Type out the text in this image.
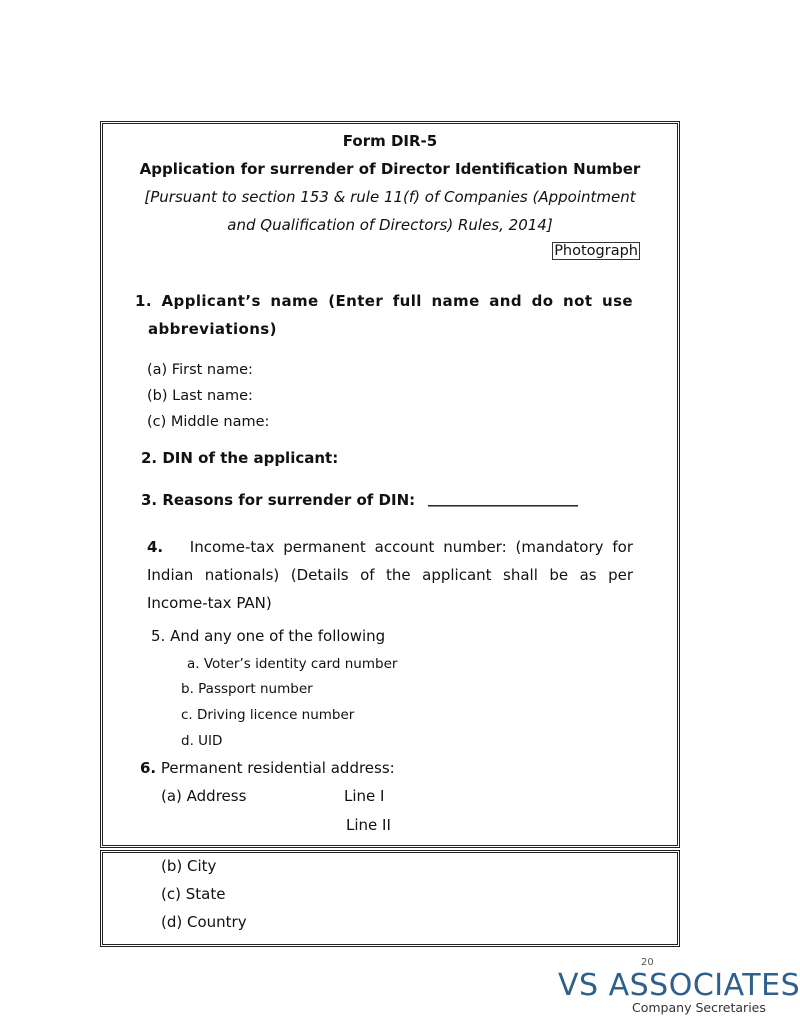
Form DIR-5
Application for surrender of Director Identification Number
[Pursuant to section 153 & rule 11(f) of Companies (Appointment
and Qualification of Directors) Rules, 2014]
Photograph
1. Applicant’s name (Enter full name and do not use
abbreviations)
(a) First name:
(b) Last name:
(c) Middle name:
2. DIN of the applicant:
3. Reasons for surrender of DIN: ____________________
4. Income-tax permanent account number: (mandatory for
Indian nationals) (Details of the applicant shall be as per
Income-tax PAN)
5. And any one of the following
a. Voter’s identity card number
b. Passport number
c. Driving licence number
d. UID
6. Permanent residential address:
(a) Address	Line I
Line II
(b) City
(c) State
(d) Country
20
VS ASSOCIATES
Company Secretaries
